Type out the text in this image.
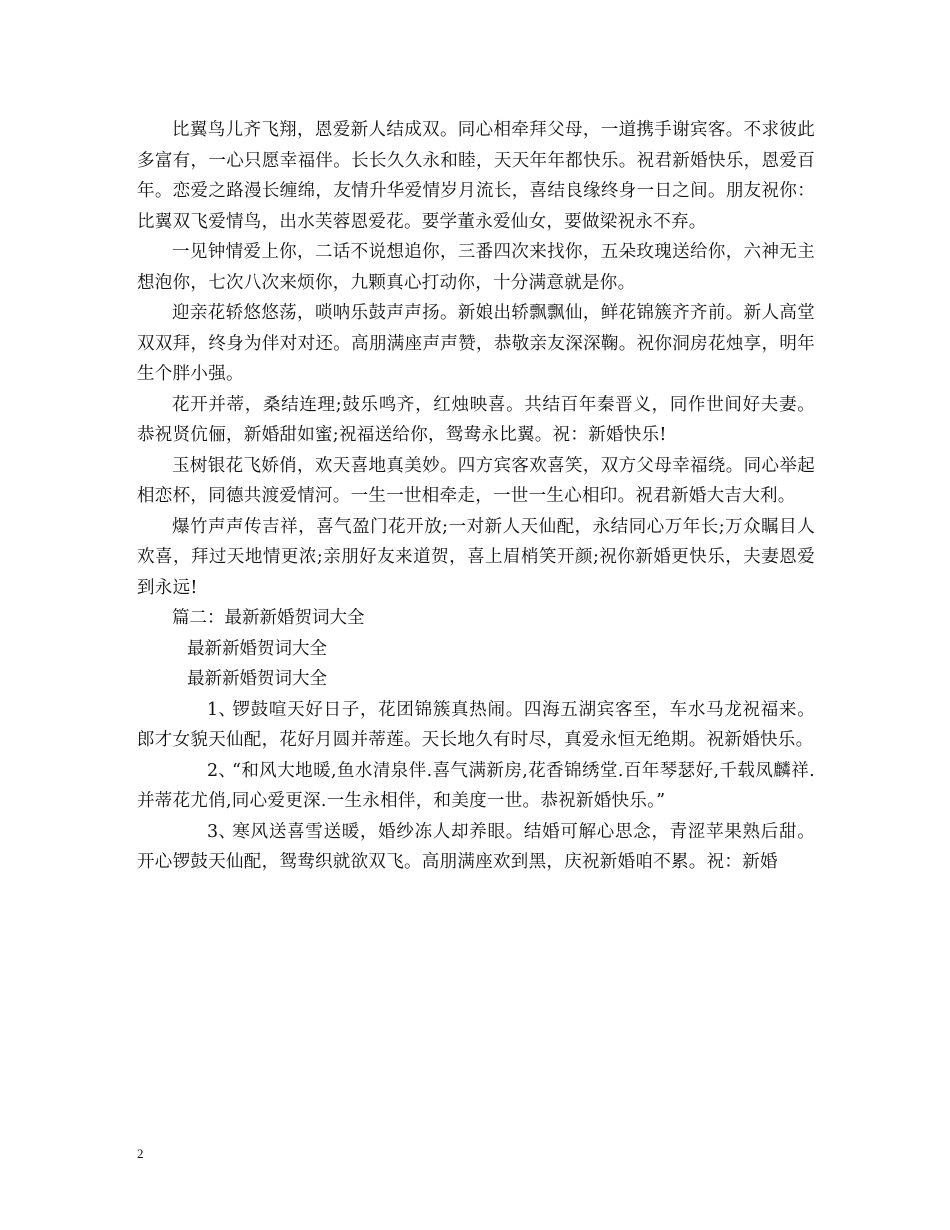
比翼鸟儿齐飞翔，恩爱新人结成双。同心相牵拜父母，一道携手谢宾客。不求彼此多富有，一心只愿幸福伴。长长久久永和睦，天天年年都快乐。祝君新婚快乐，恩爱百年。恋爱之路漫长缠绵，友情升华爱情岁月流长，喜结良缘终身一日之间。朋友祝你：比翼双飞爱情鸟，出水芙蓉恩爱花。要学董永爱仙女，要做梁祝永不弃。

一见钟情爱上你，二话不说想追你，三番四次来找你，五朵玫瑰送给你，六神无主想泡你，七次八次来烦你，九颗真心打动你，十分满意就是你。

迎亲花轿悠悠荡，唢呐乐鼓声声扬。新娘出轿飘飘仙，鲜花锦簇齐齐前。新人高堂双双拜，终身为伴对对还。高朋满座声声赞，恭敬亲友深深鞠。祝你洞房花烛享，明年生个胖小强。

花开并蒂，桑结连理;鼓乐鸣齐，红烛映喜。共结百年秦晋义，同作世间好夫妻。恭祝贤伉俪，新婚甜如蜜;祝福送给你，鸳鸯永比翼。祝：新婚快乐!

玉树银花飞娇俏，欢天喜地真美妙。四方宾客欢喜笑，双方父母幸福绕。同心举起相恋杯，同德共渡爱情河。一生一世相牵走，一世一生心相印。祝君新婚大吉大利。

爆竹声声传吉祥，喜气盈门花开放;一对新人天仙配，永结同心万年长;万众瞩目人欢喜，拜过天地情更浓;亲朋好友来道贺，喜上眉梢笑开颜;祝你新婚更快乐，夫妻恩爱到永远!

篇二：最新新婚贺词大全

最新新婚贺词大全

最新新婚贺词大全

1、锣鼓喧天好日子，花团锦簇真热闹。四海五湖宾客至，车水马龙祝福来。郎才女貌天仙配，花好月圆并蒂莲。天长地久有时尽，真爱永恒无绝期。祝新婚快乐。

2、“和风大地暖,鱼水清泉伴.喜气满新房,花香锦绣堂.百年琴瑟好,千载凤麟祥.并蒂花尤俏,同心爱更深.一生永相伴，和美度一世。恭祝新婚快乐。”

3、寒风送喜雪送暖，婚纱冻人却养眼。结婚可解心思念，青涩苹果熟后甜。开心锣鼓天仙配，鸳鸯织就欲双飞。高朋满座欢到黑，庆祝新婚咱不累。祝：新婚

2
